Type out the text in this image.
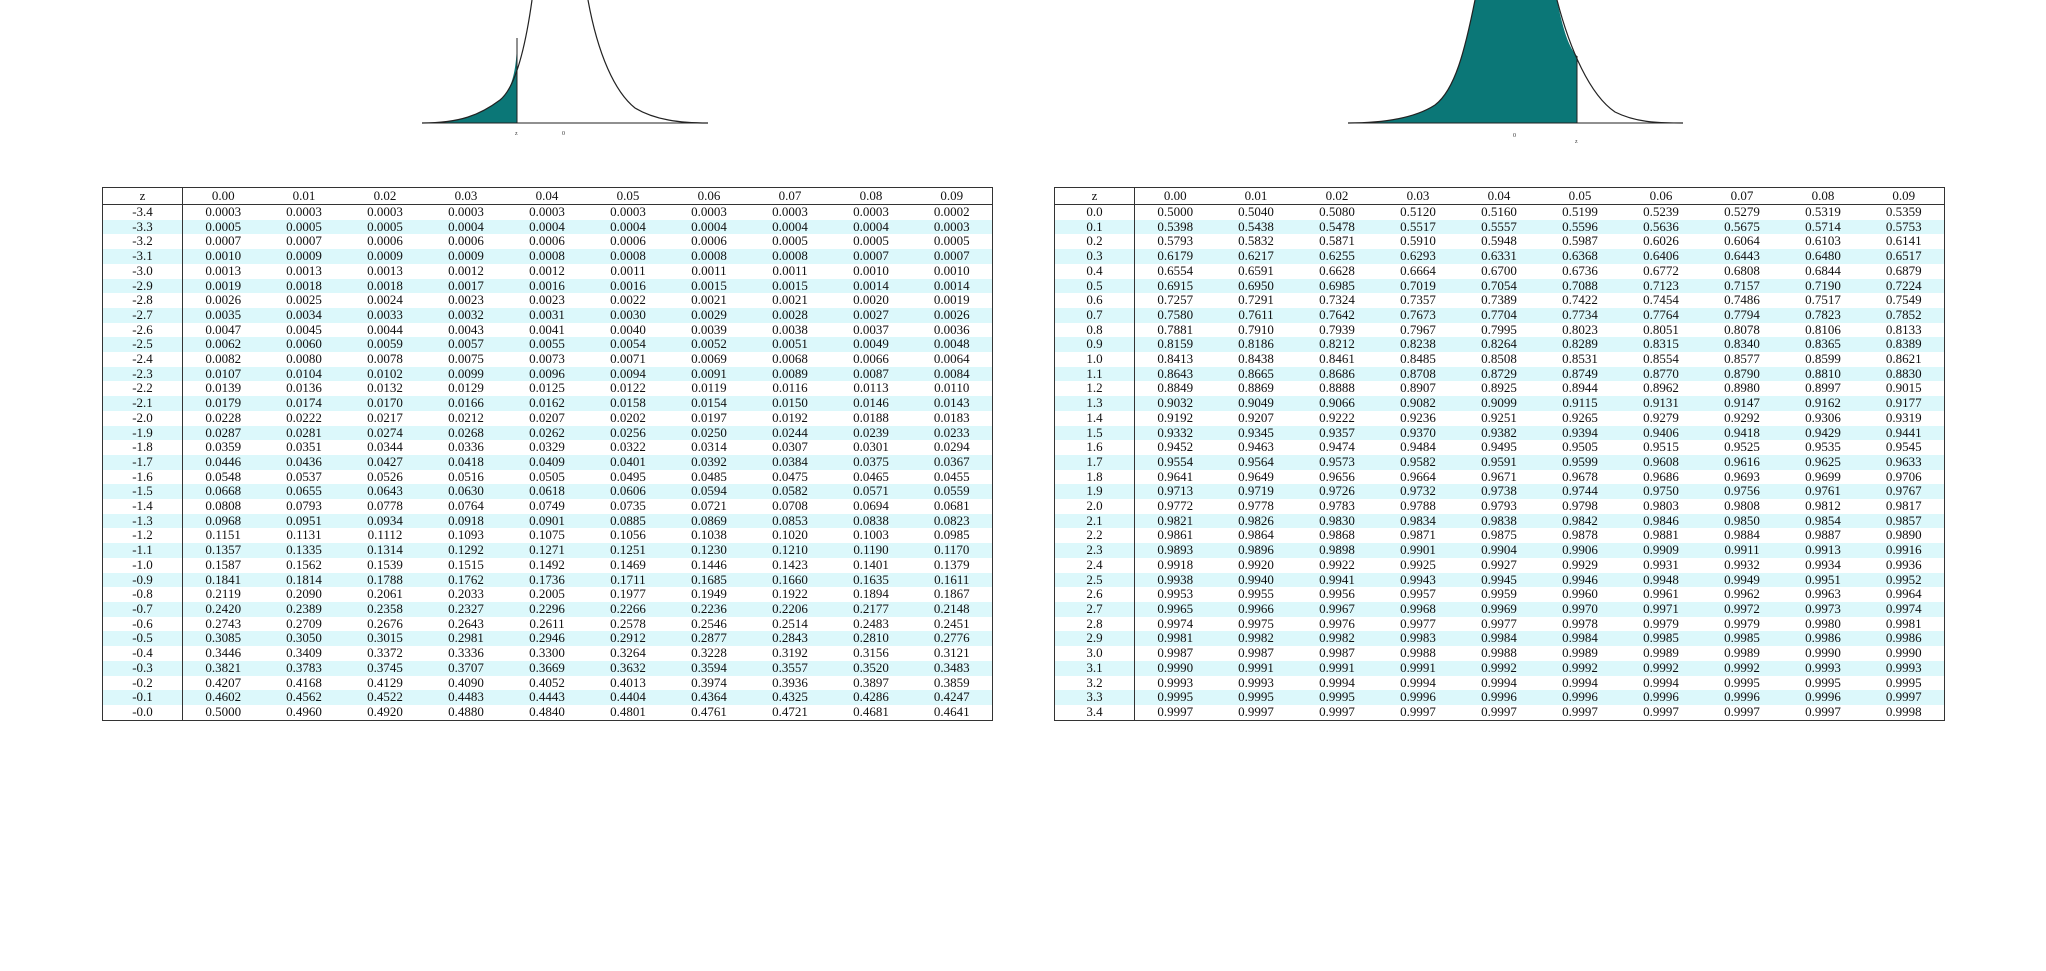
z	0	0
z
z	0.00	0.01	0.02	0.03	0.04	0.05	0.06	0.07	0.08	0.09
-3.4	0.0003	0.0003	0.0003	0.0003	0.0003	0.0003	0.0003	0.0003	0.0003	0.0002
-3.3	0.0005	0.0005	0.0005	0.0004	0.0004	0.0004	0.0004	0.0004	0.0004	0.0003
-3.2	0.0007	0.0007	0.0006	0.0006	0.0006	0.0006	0.0006	0.0005	0.0005	0.0005
-3.1	0.0010	0.0009	0.0009	0.0009	0.0008	0.0008	0.0008	0.0008	0.0007	0.0007
-3.0	0.0013	0.0013	0.0013	0.0012	0.0012	0.0011	0.0011	0.0011	0.0010	0.0010
-2.9	0.0019	0.0018	0.0018	0.0017	0.0016	0.0016	0.0015	0.0015	0.0014	0.0014
-2.8	0.0026	0.0025	0.0024	0.0023	0.0023	0.0022	0.0021	0.0021	0.0020	0.0019
-2.7	0.0035	0.0034	0.0033	0.0032	0.0031	0.0030	0.0029	0.0028	0.0027	0.0026
-2.6	0.0047	0.0045	0.0044	0.0043	0.0041	0.0040	0.0039	0.0038	0.0037	0.0036
-2.5	0.0062	0.0060	0.0059	0.0057	0.0055	0.0054	0.0052	0.0051	0.0049	0.0048
-2.4	0.0082	0.0080	0.0078	0.0075	0.0073	0.0071	0.0069	0.0068	0.0066	0.0064
-2.3	0.0107	0.0104	0.0102	0.0099	0.0096	0.0094	0.0091	0.0089	0.0087	0.0084
-2.2	0.0139	0.0136	0.0132	0.0129	0.0125	0.0122	0.0119	0.0116	0.0113	0.0110
-2.1	0.0179	0.0174	0.0170	0.0166	0.0162	0.0158	0.0154	0.0150	0.0146	0.0143
-2.0	0.0228	0.0222	0.0217	0.0212	0.0207	0.0202	0.0197	0.0192	0.0188	0.0183
-1.9	0.0287	0.0281	0.0274	0.0268	0.0262	0.0256	0.0250	0.0244	0.0239	0.0233
-1.8	0.0359	0.0351	0.0344	0.0336	0.0329	0.0322	0.0314	0.0307	0.0301	0.0294
-1.7	0.0446	0.0436	0.0427	0.0418	0.0409	0.0401	0.0392	0.0384	0.0375	0.0367
-1.6	0.0548	0.0537	0.0526	0.0516	0.0505	0.0495	0.0485	0.0475	0.0465	0.0455
-1.5	0.0668	0.0655	0.0643	0.0630	0.0618	0.0606	0.0594	0.0582	0.0571	0.0559
-1.4	0.0808	0.0793	0.0778	0.0764	0.0749	0.0735	0.0721	0.0708	0.0694	0.0681
-1.3	0.0968	0.0951	0.0934	0.0918	0.0901	0.0885	0.0869	0.0853	0.0838	0.0823
-1.2	0.1151	0.1131	0.1112	0.1093	0.1075	0.1056	0.1038	0.1020	0.1003	0.0985
-1.1	0.1357	0.1335	0.1314	0.1292	0.1271	0.1251	0.1230	0.1210	0.1190	0.1170
-1.0	0.1587	0.1562	0.1539	0.1515	0.1492	0.1469	0.1446	0.1423	0.1401	0.1379
-0.9	0.1841	0.1814	0.1788	0.1762	0.1736	0.1711	0.1685	0.1660	0.1635	0.1611
-0.8	0.2119	0.2090	0.2061	0.2033	0.2005	0.1977	0.1949	0.1922	0.1894	0.1867
-0.7	0.2420	0.2389	0.2358	0.2327	0.2296	0.2266	0.2236	0.2206	0.2177	0.2148
-0.6	0.2743	0.2709	0.2676	0.2643	0.2611	0.2578	0.2546	0.2514	0.2483	0.2451
-0.5	0.3085	0.3050	0.3015	0.2981	0.2946	0.2912	0.2877	0.2843	0.2810	0.2776
-0.4	0.3446	0.3409	0.3372	0.3336	0.3300	0.3264	0.3228	0.3192	0.3156	0.3121
-0.3	0.3821	0.3783	0.3745	0.3707	0.3669	0.3632	0.3594	0.3557	0.3520	0.3483
-0.2	0.4207	0.4168	0.4129	0.4090	0.4052	0.4013	0.3974	0.3936	0.3897	0.3859
-0.1	0.4602	0.4562	0.4522	0.4483	0.4443	0.4404	0.4364	0.4325	0.4286	0.4247
-0.0	0.5000	0.4960	0.4920	0.4880	0.4840	0.4801	0.4761	0.4721	0.4681	0.4641
z	0.00	0.01	0.02	0.03	0.04	0.05	0.06	0.07	0.08	0.09
0.0	0.5000	0.5040	0.5080	0.5120	0.5160	0.5199	0.5239	0.5279	0.5319	0.5359
0.1	0.5398	0.5438	0.5478	0.5517	0.5557	0.5596	0.5636	0.5675	0.5714	0.5753
0.2	0.5793	0.5832	0.5871	0.5910	0.5948	0.5987	0.6026	0.6064	0.6103	0.6141
0.3	0.6179	0.6217	0.6255	0.6293	0.6331	0.6368	0.6406	0.6443	0.6480	0.6517
0.4	0.6554	0.6591	0.6628	0.6664	0.6700	0.6736	0.6772	0.6808	0.6844	0.6879
0.5	0.6915	0.6950	0.6985	0.7019	0.7054	0.7088	0.7123	0.7157	0.7190	0.7224
0.6	0.7257	0.7291	0.7324	0.7357	0.7389	0.7422	0.7454	0.7486	0.7517	0.7549
0.7	0.7580	0.7611	0.7642	0.7673	0.7704	0.7734	0.7764	0.7794	0.7823	0.7852
0.8	0.7881	0.7910	0.7939	0.7967	0.7995	0.8023	0.8051	0.8078	0.8106	0.8133
0.9	0.8159	0.8186	0.8212	0.8238	0.8264	0.8289	0.8315	0.8340	0.8365	0.8389
1.0	0.8413	0.8438	0.8461	0.8485	0.8508	0.8531	0.8554	0.8577	0.8599	0.8621
1.1	0.8643	0.8665	0.8686	0.8708	0.8729	0.8749	0.8770	0.8790	0.8810	0.8830
1.2	0.8849	0.8869	0.8888	0.8907	0.8925	0.8944	0.8962	0.8980	0.8997	0.9015
1.3	0.9032	0.9049	0.9066	0.9082	0.9099	0.9115	0.9131	0.9147	0.9162	0.9177
1.4	0.9192	0.9207	0.9222	0.9236	0.9251	0.9265	0.9279	0.9292	0.9306	0.9319
1.5	0.9332	0.9345	0.9357	0.9370	0.9382	0.9394	0.9406	0.9418	0.9429	0.9441
1.6	0.9452	0.9463	0.9474	0.9484	0.9495	0.9505	0.9515	0.9525	0.9535	0.9545
1.7	0.9554	0.9564	0.9573	0.9582	0.9591	0.9599	0.9608	0.9616	0.9625	0.9633
1.8	0.9641	0.9649	0.9656	0.9664	0.9671	0.9678	0.9686	0.9693	0.9699	0.9706
1.9	0.9713	0.9719	0.9726	0.9732	0.9738	0.9744	0.9750	0.9756	0.9761	0.9767
2.0	0.9772	0.9778	0.9783	0.9788	0.9793	0.9798	0.9803	0.9808	0.9812	0.9817
2.1	0.9821	0.9826	0.9830	0.9834	0.9838	0.9842	0.9846	0.9850	0.9854	0.9857
2.2	0.9861	0.9864	0.9868	0.9871	0.9875	0.9878	0.9881	0.9884	0.9887	0.9890
2.3	0.9893	0.9896	0.9898	0.9901	0.9904	0.9906	0.9909	0.9911	0.9913	0.9916
2.4	0.9918	0.9920	0.9922	0.9925	0.9927	0.9929	0.9931	0.9932	0.9934	0.9936
2.5	0.9938	0.9940	0.9941	0.9943	0.9945	0.9946	0.9948	0.9949	0.9951	0.9952
2.6	0.9953	0.9955	0.9956	0.9957	0.9959	0.9960	0.9961	0.9962	0.9963	0.9964
2.7	0.9965	0.9966	0.9967	0.9968	0.9969	0.9970	0.9971	0.9972	0.9973	0.9974
2.8	0.9974	0.9975	0.9976	0.9977	0.9977	0.9978	0.9979	0.9979	0.9980	0.9981
2.9	0.9981	0.9982	0.9982	0.9983	0.9984	0.9984	0.9985	0.9985	0.9986	0.9986
3.0	0.9987	0.9987	0.9987	0.9988	0.9988	0.9989	0.9989	0.9989	0.9990	0.9990
3.1	0.9990	0.9991	0.9991	0.9991	0.9992	0.9992	0.9992	0.9992	0.9993	0.9993
3.2	0.9993	0.9993	0.9994	0.9994	0.9994	0.9994	0.9994	0.9995	0.9995	0.9995
3.3	0.9995	0.9995	0.9995	0.9996	0.9996	0.9996	0.9996	0.9996	0.9996	0.9997
3.4	0.9997	0.9997	0.9997	0.9997	0.9997	0.9997	0.9997	0.9997	0.9997	0.9998
